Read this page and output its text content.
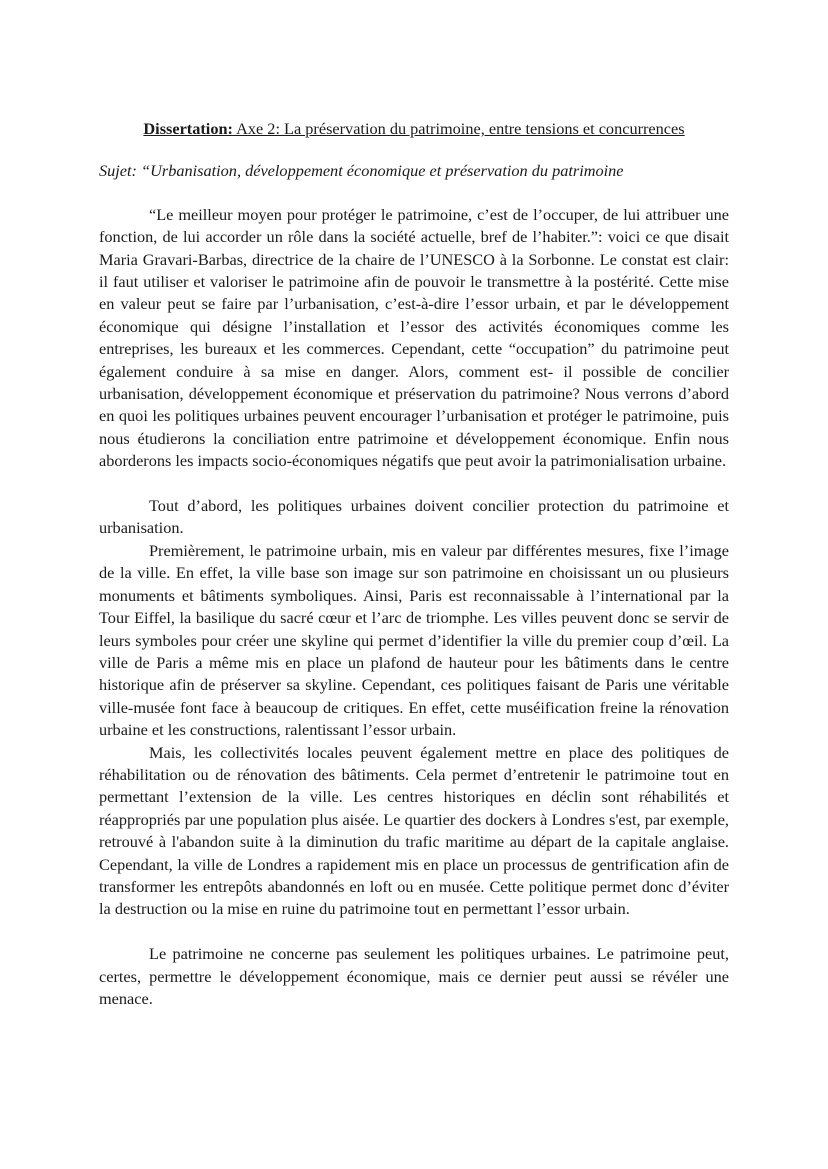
Dissertation: Axe 2: La préservation du patrimoine, entre tensions et concurrences
Sujet: “Urbanisation, développement économique et préservation du patrimoine

“Le meilleur moyen pour protéger le patrimoine, c’est de l’occuper, de lui attribuer une fonction, de lui accorder un rôle dans la société actuelle, bref de l’habiter.”: voici ce que disait Maria Gravari-Barbas, directrice de la chaire de l’UNESCO à la Sorbonne. Le constat est clair: il faut utiliser et valoriser le patrimoine afin de pouvoir le transmettre à la postérité. Cette mise en valeur peut se faire par l’urbanisation, c’est-à-dire l’essor urbain, et par le développement économique qui désigne l’installation et l’essor des activités économiques comme les entreprises, les bureaux et les commerces. Cependant, cette “occupation” du patrimoine peut également conduire à sa mise en danger. Alors, comment est- il possible de concilier urbanisation, développement économique et préservation du patrimoine? Nous verrons d’abord en quoi les politiques urbaines peuvent encourager l’urbanisation et protéger le patrimoine, puis nous étudierons la conciliation entre patrimoine et développement économique. Enfin nous aborderons les impacts socio-économiques négatifs que peut avoir la patrimonialisation urbaine.

Tout d’abord, les politiques urbaines doivent concilier protection du patrimoine et urbanisation.

Premièrement, le patrimoine urbain, mis en valeur par différentes mesures, fixe l’image de la ville. En effet, la ville base son image sur son patrimoine en choisissant un ou plusieurs monuments et bâtiments symboliques. Ainsi, Paris est reconnaissable à l’international par la Tour Eiffel, la basilique du sacré cœur et l’arc de triomphe. Les villes peuvent donc se servir de leurs symboles pour créer une skyline qui permet d’identifier la ville du premier coup d’œil. La ville de Paris a même mis en place un plafond de hauteur pour les bâtiments dans le centre historique afin de préserver sa skyline. Cependant, ces politiques faisant de Paris une véritable ville-musée font face à beaucoup de critiques. En effet, cette muséification freine la rénovation urbaine et les constructions, ralentissant l’essor urbain.

Mais, les collectivités locales peuvent également mettre en place des politiques de réhabilitation ou de rénovation des bâtiments. Cela permet d’entretenir le patrimoine tout en permettant l’extension de la ville. Les centres historiques en déclin sont réhabilités et réappropriés par une population plus aisée. Le quartier des dockers à Londres s'est, par exemple, retrouvé à l'abandon suite à la diminution du trafic maritime au départ de la capitale anglaise. Cependant, la ville de Londres a rapidement mis en place un processus de gentrification afin de transformer les entrepôts abandonnés en loft ou en musée. Cette politique permet donc d’éviter la destruction ou la mise en ruine du patrimoine tout en permettant l’essor urbain.

Le patrimoine ne concerne pas seulement les politiques urbaines. Le patrimoine peut, certes, permettre le développement économique, mais ce dernier peut aussi se révéler une menace.
